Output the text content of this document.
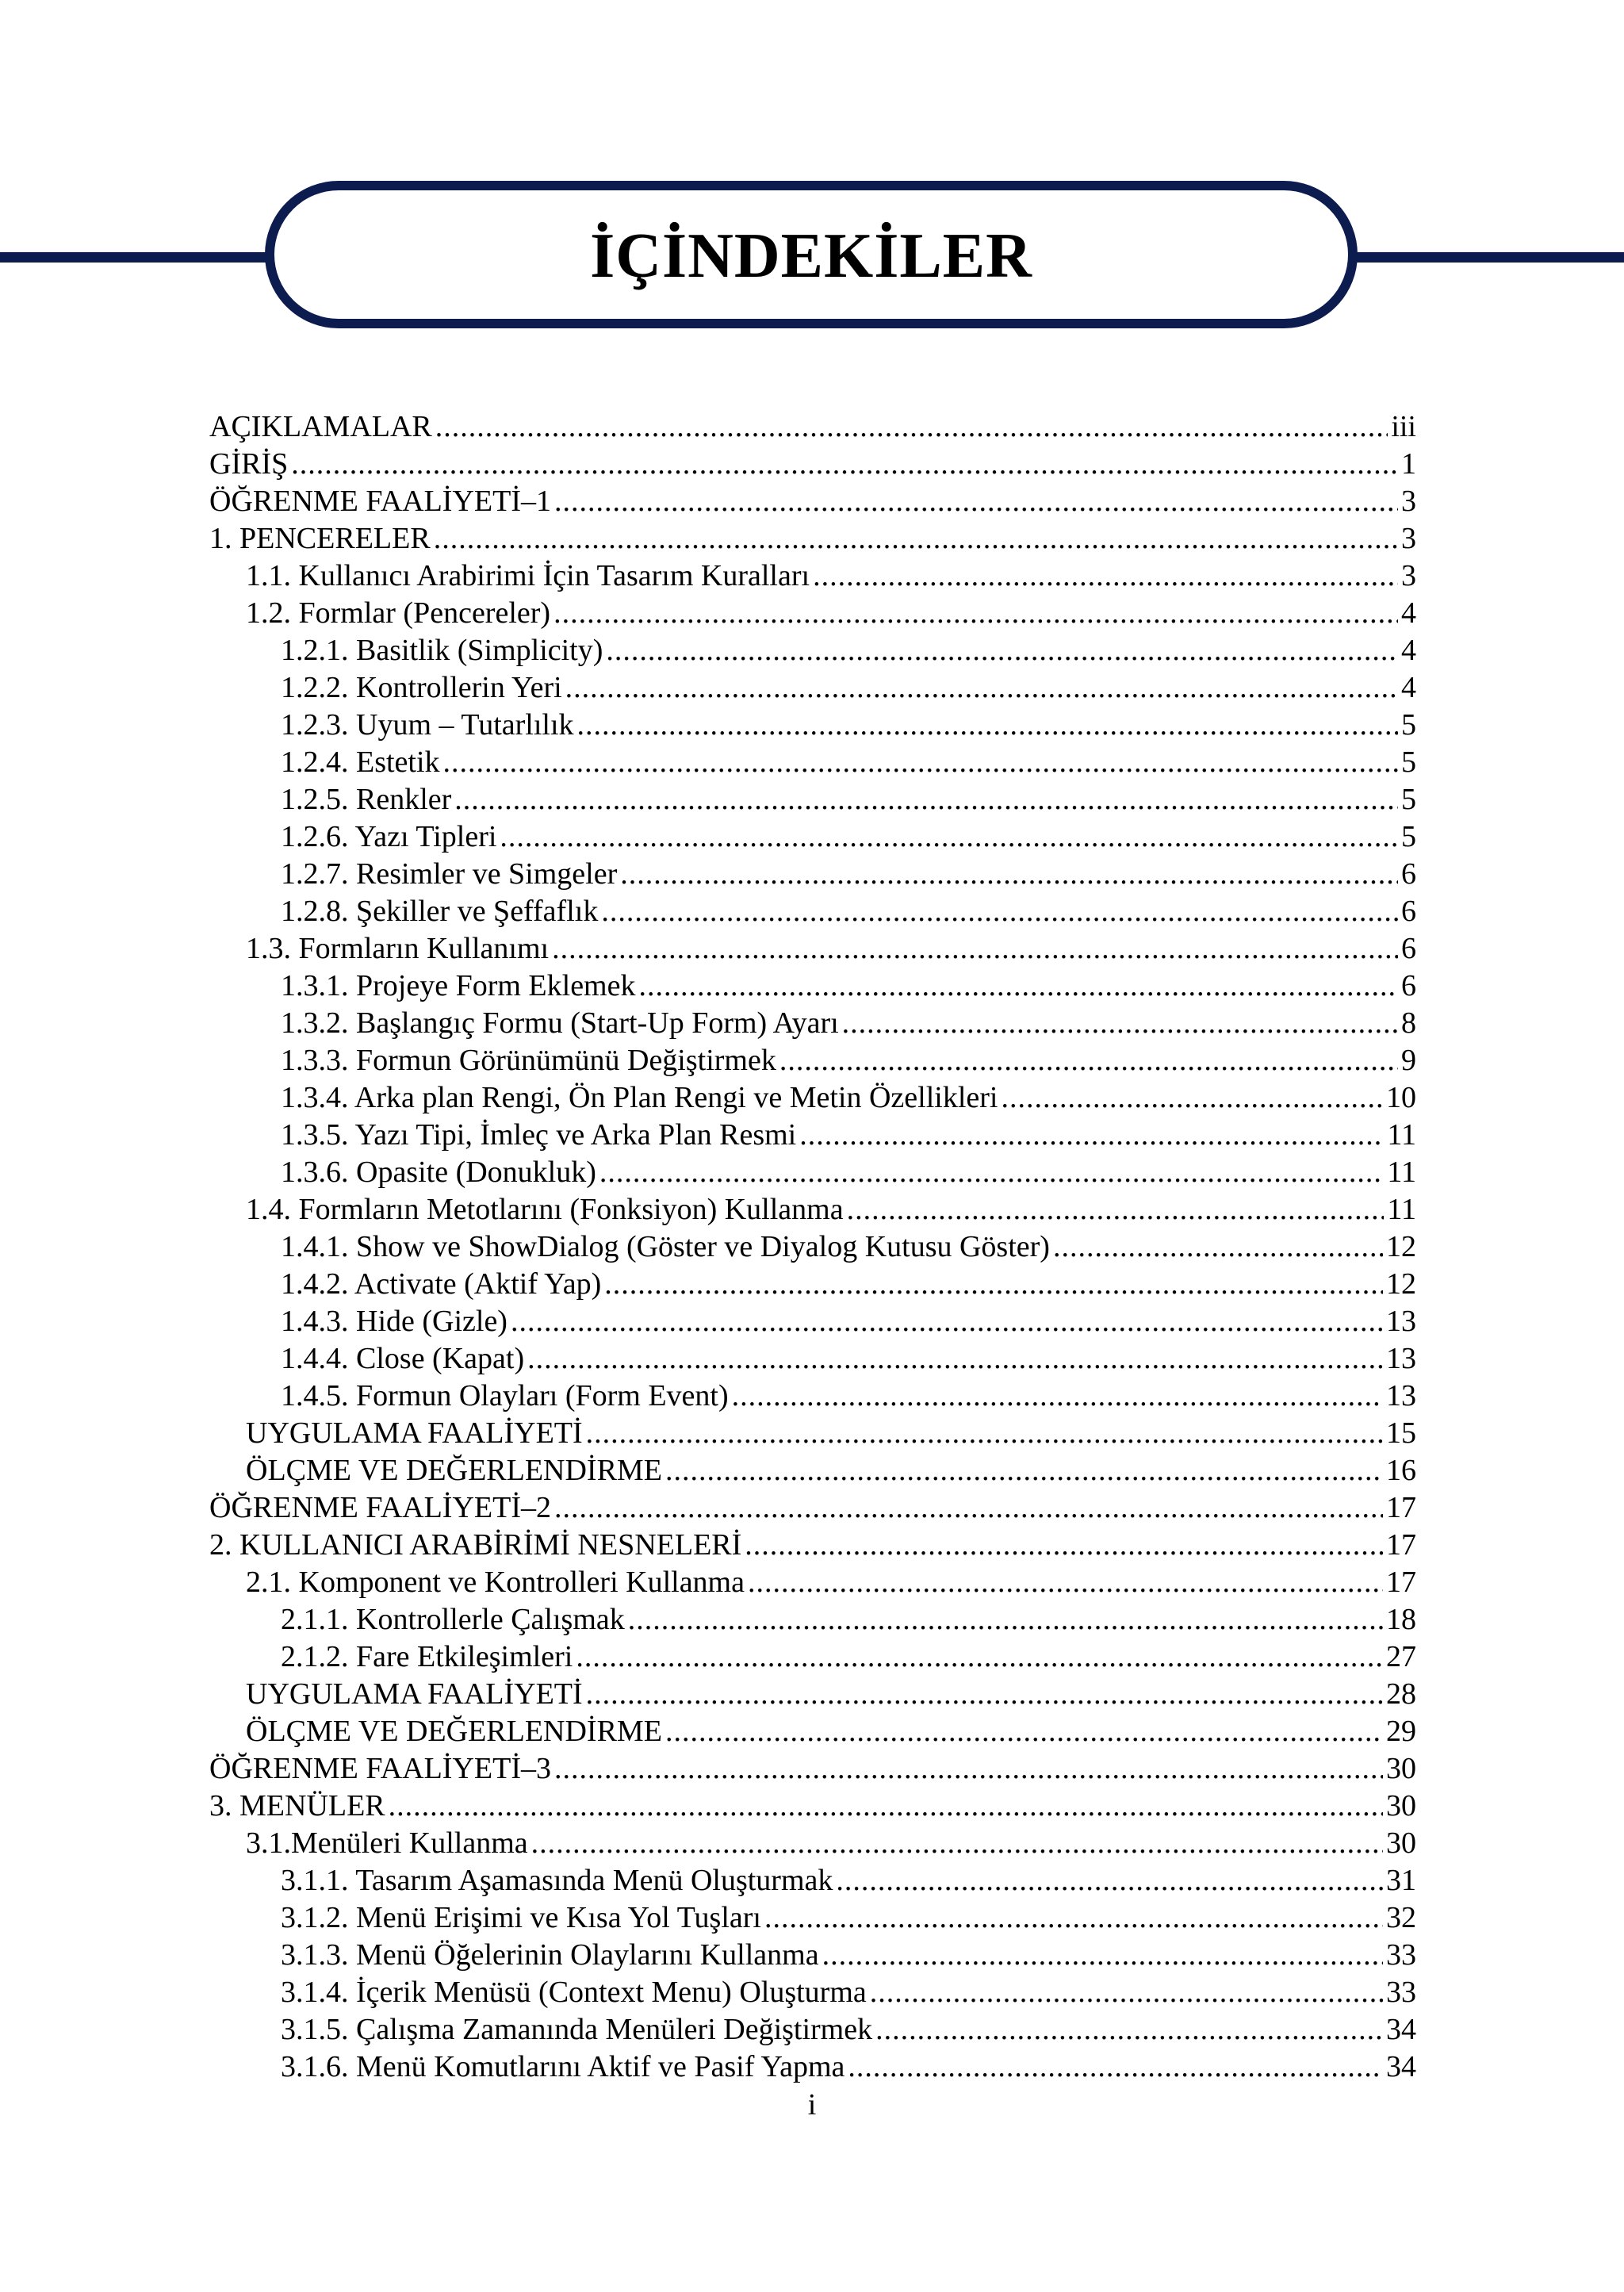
İÇİNDEKİLER
AÇIKLAMALAR .....	iii
GİRİŞ .....	1
ÖĞRENME FAALİYETİ–1 .....	3
1. PENCERELER .....	3
1.1. Kullanıcı Arabirimi İçin Tasarım Kuralları .....	3
1.2. Formlar (Pencereler) .....	4
1.2.1. Basitlik (Simplicity) .....	4
1.2.2. Kontrollerin Yeri .....	4
1.2.3. Uyum – Tutarlılık .....	5
1.2.4. Estetik .....	5
1.2.5. Renkler .....	5
1.2.6. Yazı Tipleri .....	5
1.2.7. Resimler ve Simgeler .....	6
1.2.8. Şekiller ve Şeffaflık .....	6
1.3. Formların Kullanımı .....	6
1.3.1. Projeye Form Eklemek .....	6
1.3.2. Başlangıç Formu (Start-Up Form) Ayarı .....	8
1.3.3. Formun Görünümünü Değiştirmek .....	9
1.3.4. Arka plan Rengi, Ön Plan Rengi ve Metin Özellikleri .....	10
1.3.5. Yazı Tipi, İmleç ve Arka Plan Resmi .....	11
1.3.6. Opasite (Donukluk) .....	11
1.4. Formların Metotlarını (Fonksiyon) Kullanma .....	11
1.4.1. Show ve ShowDialog (Göster ve Diyalog Kutusu Göster) .....	12
1.4.2. Activate (Aktif Yap) .....	12
1.4.3. Hide (Gizle) .....	13
1.4.4. Close (Kapat) .....	13
1.4.5. Formun Olayları (Form Event) .....	13
UYGULAMA FAALİYETİ .....	15
ÖLÇME VE DEĞERLENDİRME .....	16
ÖĞRENME FAALİYETİ–2 .....	17
2. KULLANICI ARABİRİMİ NESNELERİ .....	17
2.1. Komponent ve Kontrolleri Kullanma .....	17
2.1.1. Kontrollerle Çalışmak .....	18
2.1.2. Fare Etkileşimleri .....	27
UYGULAMA FAALİYETİ .....	28
ÖLÇME VE DEĞERLENDİRME .....	29
ÖĞRENME FAALİYETİ–3 .....	30
3. MENÜLER .....	30
3.1.Menüleri Kullanma .....	30
3.1.1. Tasarım Aşamasında Menü Oluşturmak .....	31
3.1.2. Menü Erişimi ve Kısa Yol Tuşları .....	32
3.1.3. Menü Öğelerinin Olaylarını Kullanma .....	33
3.1.4. İçerik Menüsü (Context Menu) Oluşturma .....	33
3.1.5. Çalışma Zamanında Menüleri Değiştirmek .....	34
3.1.6. Menü Komutlarını Aktif ve Pasif Yapma .....	34
i
